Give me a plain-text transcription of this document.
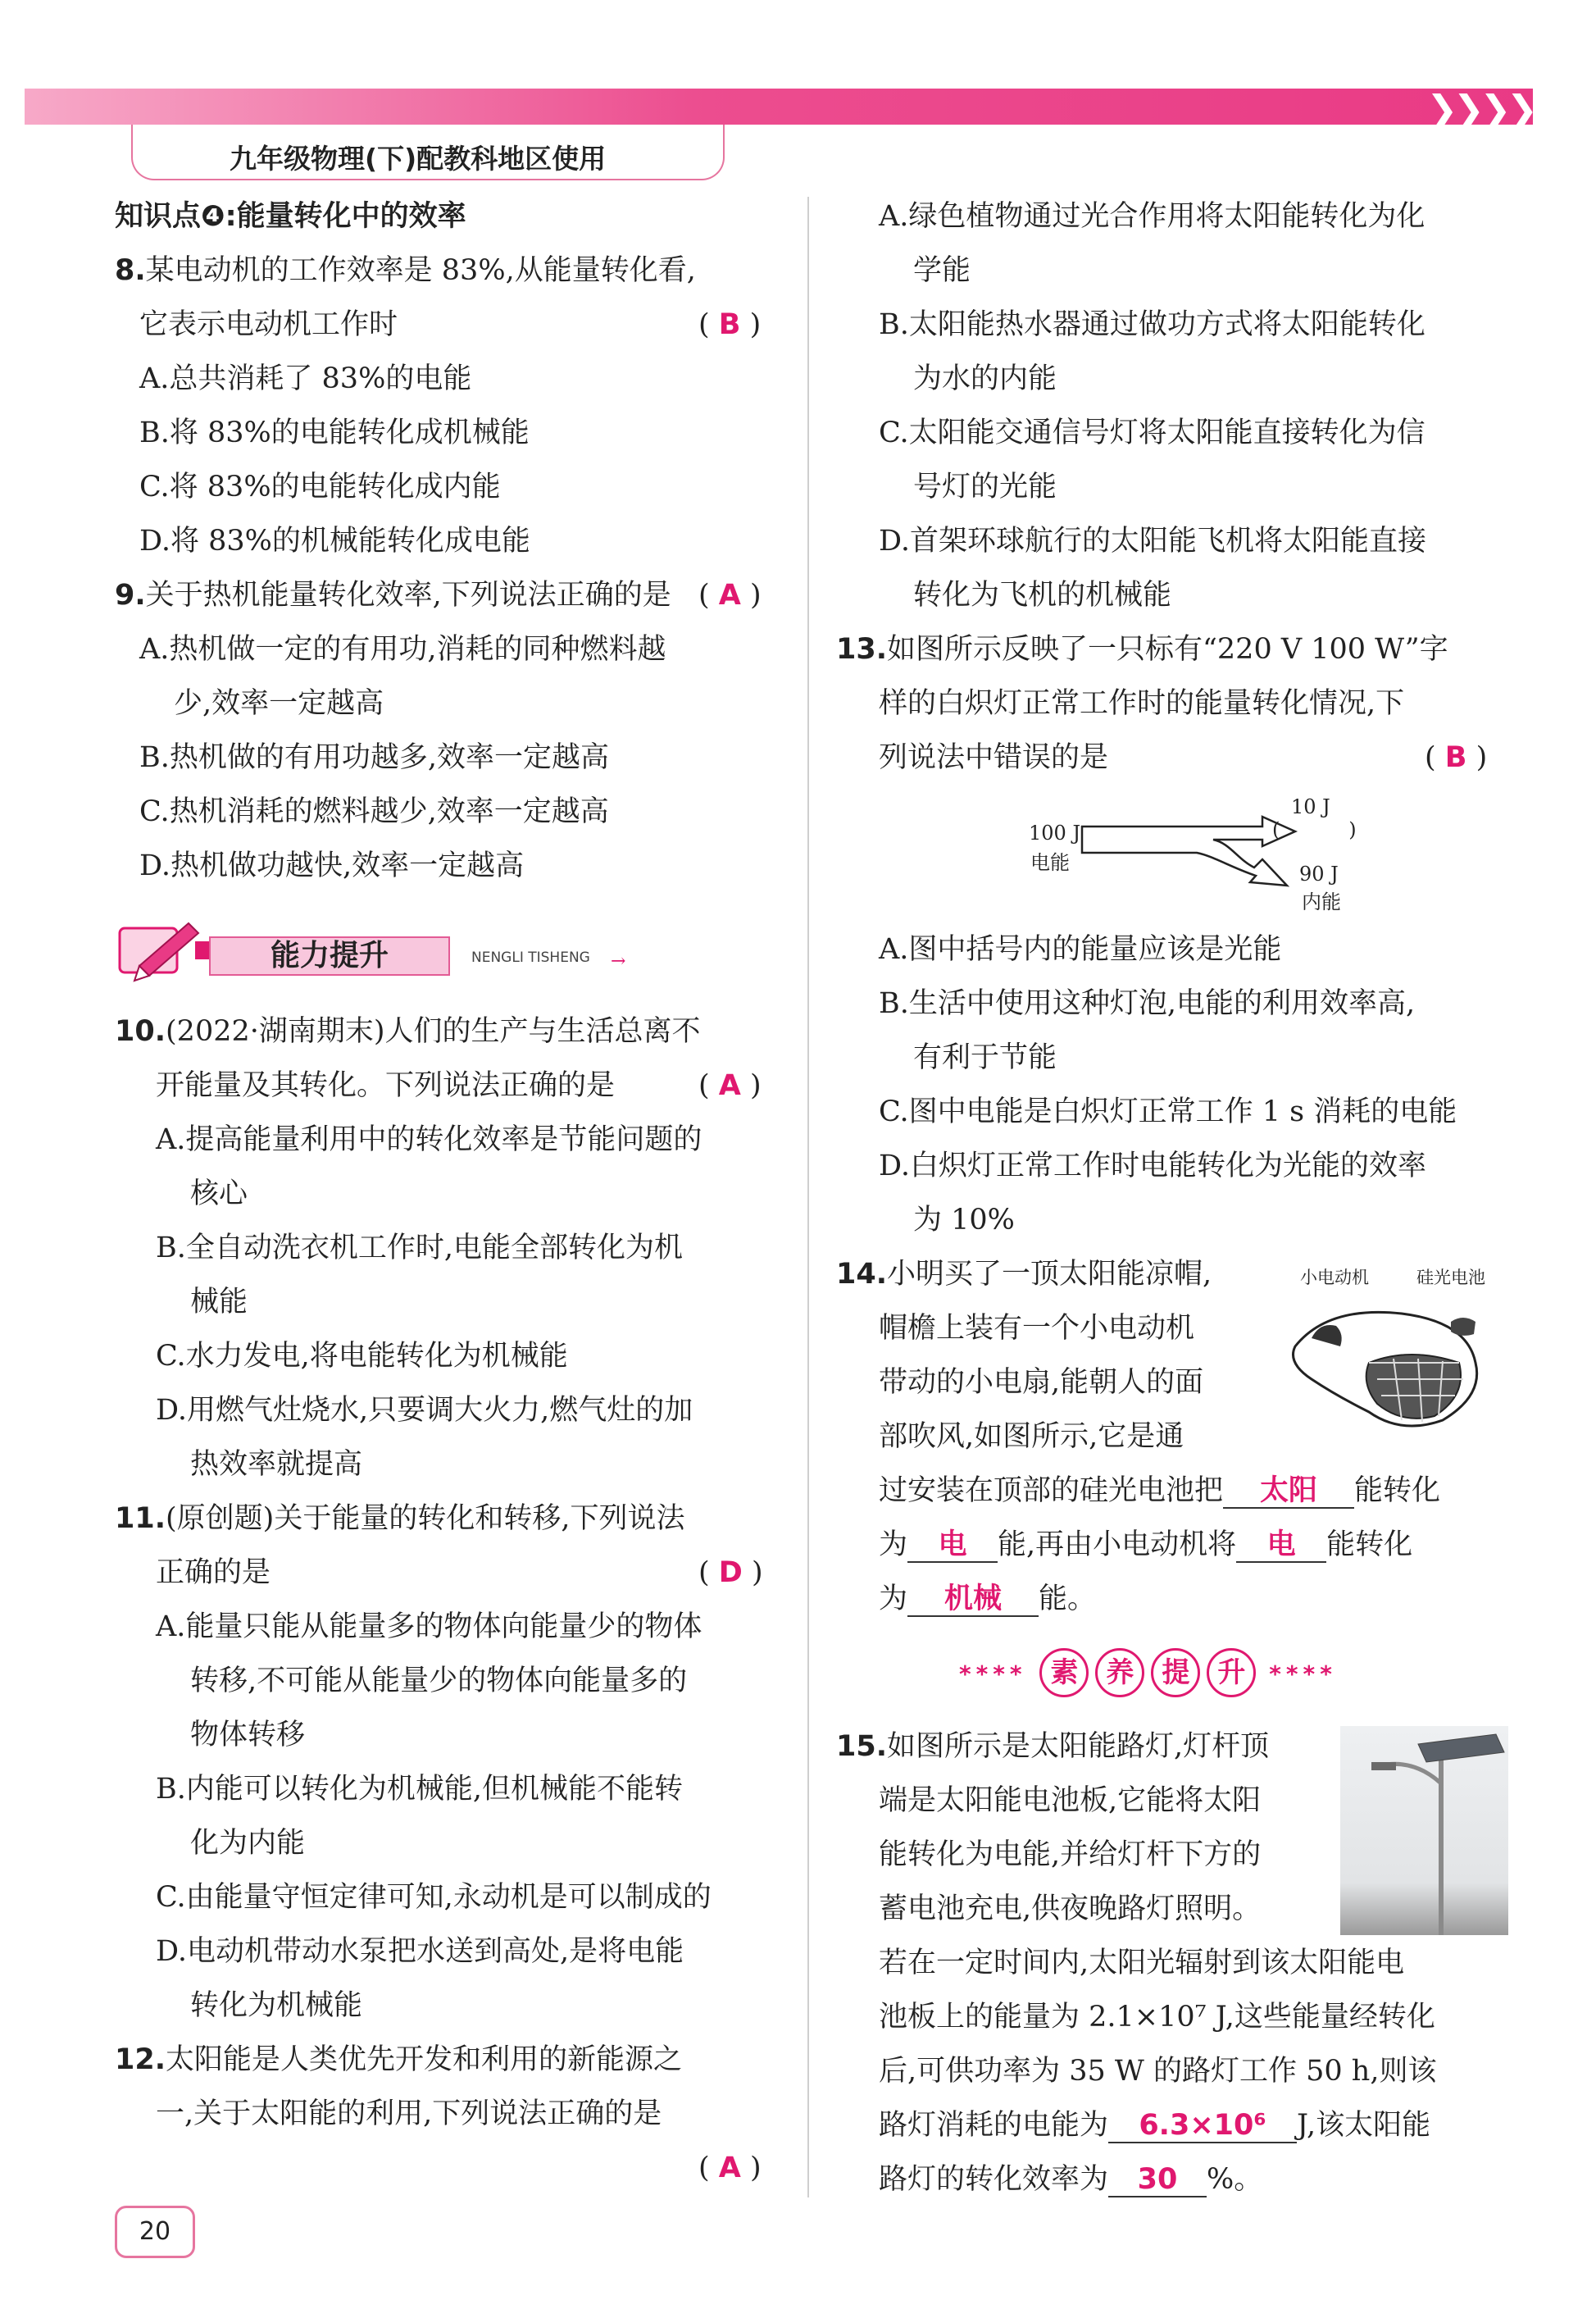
❯❯❯❯
九年级物理(下)配教科地区使用
知识点❹:能量转化中的效率
8.某电动机的工作效率是 83%,从能量转化看,
它表示电动机工作时	( B )
A.总共消耗了 83%的电能
B.将 83%的电能转化成机械能
C.将 83%的电能转化成内能
D.将 83%的机械能转化成电能
9.关于热机能量转化效率,下列说法正确的是 ( A )
A.热机做一定的有用功,消耗的同种燃料越
少,效率一定越高
B.热机做的有用功越多,效率一定越高
C.热机消耗的燃料越少,效率一定越高
D.热机做功越快,效率一定越高
能力提升	NENGLI TISHENG →
10.(2022·湖南期末)人们的生产与生活总离不
开能量及其转化。下列说法正确的是	( A )
A.提高能量利用中的转化效率是节能问题的
核心
B.全自动洗衣机工作时,电能全部转化为机
械能
C.水力发电,将电能转化为机械能
D.用燃气灶烧水,只要调大火力,燃气灶的加
热效率就提高
11.(原创题)关于能量的转化和转移,下列说法
正确的是	( D )
A.能量只能从能量多的物体向能量少的物体
转移,不可能从能量少的物体向能量多的
物体转移
B.内能可以转化为机械能,但机械能不能转
化为内能
C.由能量守恒定律可知,永动机是可以制成的
D.电动机带动水泵把水送到高处,是将电能
转化为机械能
12.太阳能是人类优先开发和利用的新能源之
一,关于太阳能的利用,下列说法正确的是
( A )
A.绿色植物通过光合作用将太阳能转化为化
学能
B.太阳能热水器通过做功方式将太阳能转化
为水的内能
C.太阳能交通信号灯将太阳能直接转化为信
号灯的光能
D.首架环球航行的太阳能飞机将太阳能直接
转化为飞机的机械能
13.如图所示反映了一只标有“220 V 100 W”字
样的白炽灯正常工作时的能量转化情况,下
列说法中错误的是	( B )
100 J
电能
10 J
(           )
90 J
内能
A.图中括号内的能量应该是光能
B.生活中使用这种灯泡,电能的利用效率高,
有利于节能
C.图中电能是白炽灯正常工作 1 s 消耗的电能
D.白炽灯正常工作时电能转化为光能的效率
为 10%
14.小明买了一顶太阳能凉帽,
帽檐上装有一个小电动机
带动的小电扇,能朝人的面
部吹风,如图所示,它是通
小电动机	硅光电池
过安装在顶部的硅光电池把 太阳 能转化
为 电 能,再由小电动机将 电 能转化
为 机械 能。
**** 素 养 提 升 ****
15.如图所示是太阳能路灯,灯杆顶
端是太阳能电池板,它能将太阳
能转化为电能,并给灯杆下方的
蓄电池充电,供夜晚路灯照明。
若在一定时间内,太阳光辐射到该太阳能电
池板上的能量为 2.1×10⁷ J,这些能量经转化
后,可供功率为 35 W 的路灯工作 50 h,则该
路灯消耗的电能为 6.3×10⁶ J,该太阳能
路灯的转化效率为 30 %。
20
